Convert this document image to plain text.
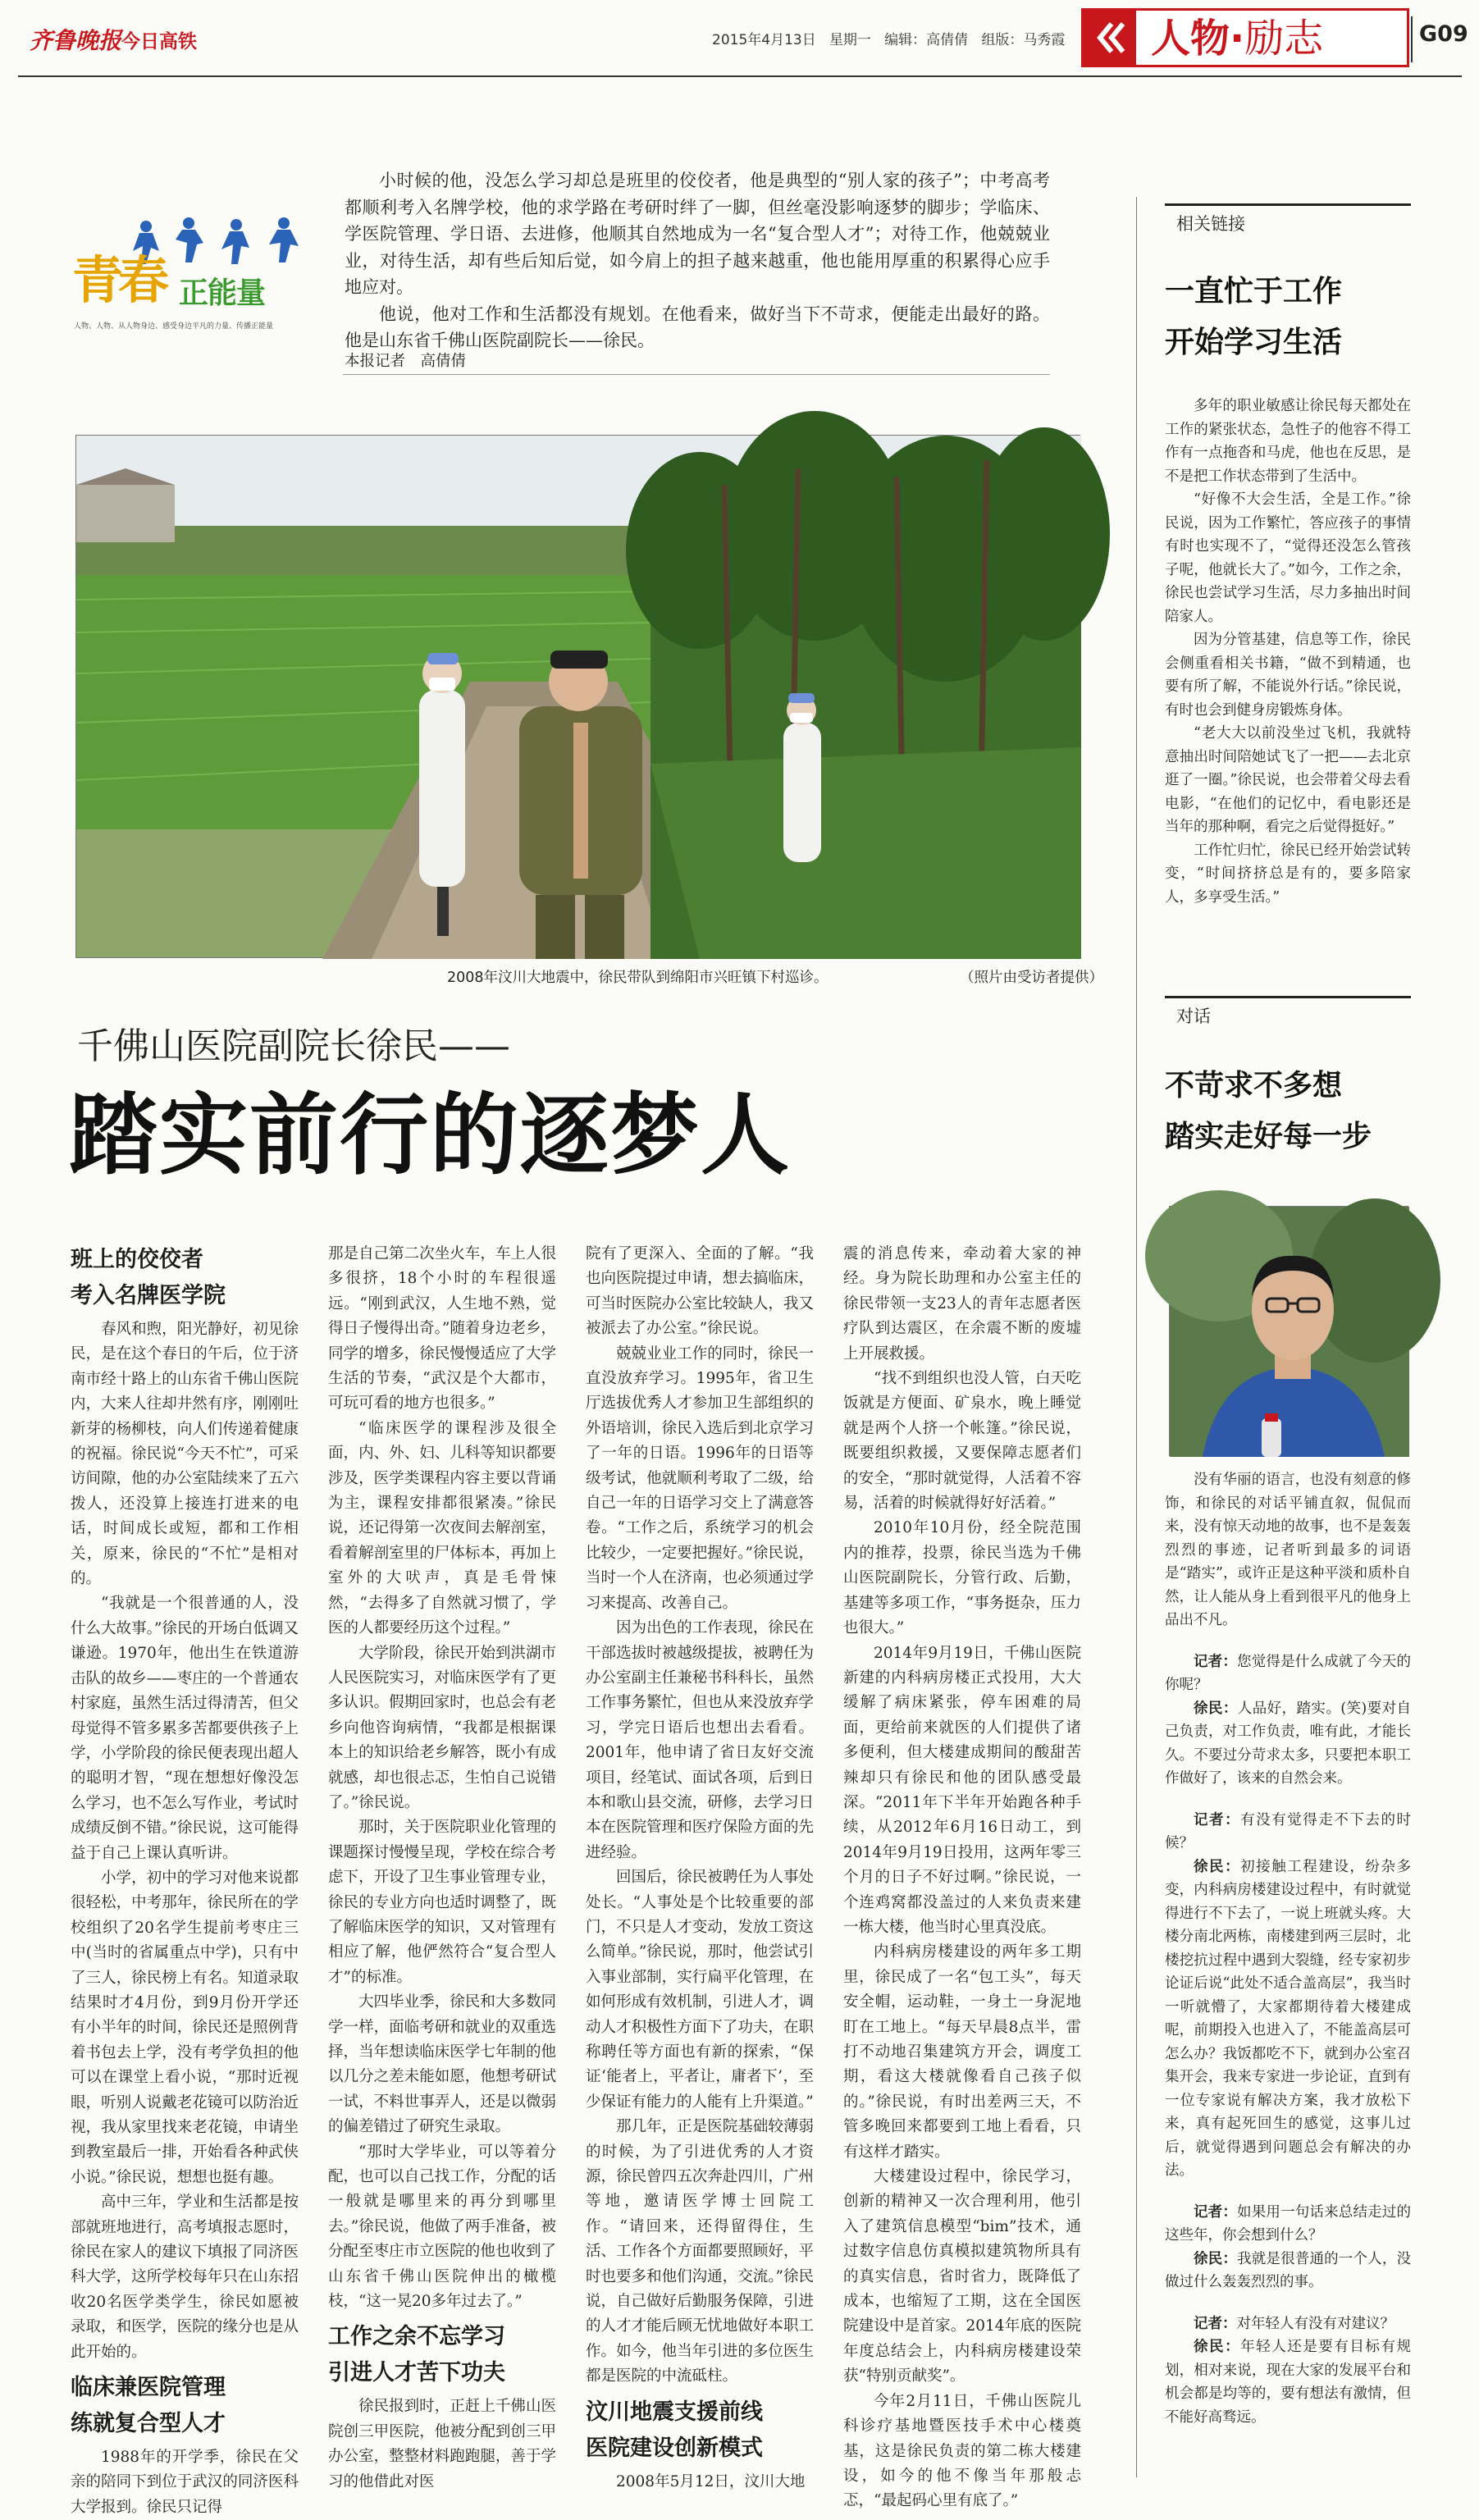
齐鲁晚报 今日高铁	2015年4月13日 星期一 编辑：高倩倩 组版：马秀霞 人物·励志	G09
青春 正能量
人物、人物、从人物身边、感受身边平凡的力量、传播正能量

小时候的他，没怎么学习却总是班里的佼佼者，他是典型的“别人家的孩子”；中考高考都顺利考入名牌学校，他的求学路在考研时绊了一脚，但丝毫没影响逐梦的脚步；学临床、学医院管理、学日语、去进修，他顺其自然地成为一名“复合型人才”；对待工作，他兢兢业业，对待生活，却有些后知后觉，如今肩上的担子越来越重，他也能用厚重的积累得心应手地应对。

他说，他对工作和生活都没有规划。在他看来，做好当下不苛求，便能走出最好的路。他是山东省千佛山医院副院长——徐民。

本报记者　高倩倩
2008年汶川大地震中，徐民带队到绵阳市兴旺镇下村巡诊。	（照片由受访者提供）
千佛山医院副院长徐民——
踏实前行的逐梦人
班上的佼佼者
考入名牌医学院

春风和煦，阳光静好，初见徐民，是在这个春日的午后，位于济南市经十路上的山东省千佛山医院内，大来人往却井然有序，刚刚吐新芽的杨柳枝，向人们传递着健康的祝福。徐民说“今天不忙”，可采访间隙，他的办公室陆续来了五六拨人，还没算上接连打进来的电话，时间成长或短，都和工作相关，原来，徐民的“不忙”是相对的。

“我就是一个很普通的人，没什么大故事。”徐民的开场白低调又谦逊。1970年，他出生在铁道游击队的故乡——枣庄的一个普通农村家庭，虽然生活过得清苦，但父母觉得不管多累多苦都要供孩子上学，小学阶段的徐民便表现出超人的聪明才智，“现在想想好像没怎么学习，也不怎么写作业，考试时成绩反倒不错。”徐民说，这可能得益于自己上课认真听讲。

小学，初中的学习对他来说都很轻松，中考那年，徐民所在的学校组织了20名学生提前考枣庄三中(当时的省属重点中学)，只有中了三人，徐民榜上有名。知道录取结果时才4月份，到9月份开学还有小半年的时间，徐民还是照例背着书包去上学，没有考学负担的他可以在课堂上看小说，“那时近视眼，听别人说戴老花镜可以防治近视，我从家里找来老花镜，申请坐到教室最后一排，开始看各种武侠小说。”徐民说，想想也挺有趣。

高中三年，学业和生活都是按部就班地进行，高考填报志愿时，徐民在家人的建议下填报了同济医科大学，这所学校每年只在山东招收20名医学类学生，徐民如愿被录取，和医学，医院的缘分也是从此开始的。

临床兼医院管理
练就复合型人才

1988年的开学季，徐民在父亲的陪同下到位于武汉的同济医科大学报到。徐民只记得

那是自己第二次坐火车，车上人很多很挤，18个小时的车程很遥远。“刚到武汉，人生地不熟，觉得日子慢得出奇。”随着身边老乡，同学的增多，徐民慢慢适应了大学生活的节奏，“武汉是个大都市，可玩可看的地方也很多。”

“临床医学的课程涉及很全面，内、外、妇、儿科等知识都要涉及，医学类课程内容主要以背诵为主，课程安排都很紧凑。”徐民说，还记得第一次夜间去解剖室，看着解剖室里的尸体标本，再加上室外的大吠声，真是毛骨悚然，“去得多了自然就习惯了，学医的人都要经历这个过程。”

大学阶段，徐民开始到洪湖市人民医院实习，对临床医学有了更多认识。假期回家时，也总会有老乡向他咨询病情，“我都是根据课本上的知识给老乡解答，既小有成就感，却也很忐忑，生怕自己说错了。”徐民说。

那时，关于医院职业化管理的课题探讨慢慢呈现，学校在综合考虑下，开设了卫生事业管理专业，徐民的专业方向也适时调整了，既了解临床医学的知识，又对管理有相应了解，他俨然符合“复合型人才”的标准。

大四毕业季，徐民和大多数同学一样，面临考研和就业的双重选择，当年想读临床医学七年制的他以几分之差未能如愿，他想考研试一试，不料世事弄人，还是以微弱的偏差错过了研究生录取。

“那时大学毕业，可以等着分配，也可以自己找工作，分配的话一般就是哪里来的再分到哪里去。”徐民说，他做了两手准备，被分配至枣庄市立医院的他也收到了山东省千佛山医院伸出的橄榄枝，“这一晃20多年过去了。”

工作之余不忘学习
引进人才苦下功夫

徐民报到时，正赶上千佛山医院创三甲医院，他被分配到创三甲办公室，整整材料跑跑腿，善于学习的他借此对医

院有了更深入、全面的了解。“我也向医院提过申请，想去搞临床，可当时医院办公室比较缺人，我又被派去了办公室。”徐民说。

兢兢业业工作的同时，徐民一直没放弃学习。1995年，省卫生厅选拔优秀人才参加卫生部组织的外语培训，徐民入选后到北京学习了一年的日语。1996年的日语等级考试，他就顺利考取了二级，给自己一年的日语学习交上了满意答卷。“工作之后，系统学习的机会比较少，一定要把握好。”徐民说，当时一个人在济南，也必须通过学习来提高、改善自己。

因为出色的工作表现，徐民在干部选拔时被越级提拔，被聘任为办公室副主任兼秘书科科长，虽然工作事务繁忙，但也从来没放弃学习，学完日语后也想出去看看。2001年，他申请了省日友好交流项目，经笔试、面试各项，后到日本和歌山县交流，研修，去学习日本在医院管理和医疗保险方面的先进经验。

回国后，徐民被聘任为人事处处长。“人事处是个比较重要的部门，不只是人才变动，发放工资这么简单。”徐民说，那时，他尝试引入事业部制，实行扁平化管理，在如何形成有效机制，引进人才，调动人才积极性方面下了功夫，在职称聘任等方面也有新的探索，“保证‘能者上，平者让，庸者下’，至少保证有能力的人能有上升渠道。”

那几年，正是医院基础较薄弱的时候，为了引进优秀的人才资源，徐民曾四五次奔赴四川，广州等地，邀请医学博士回院工作。“请回来，还得留得住，生活、工作各个方面都要照顾好，平时也要多和他们沟通，交流。”徐民说，自己做好后勤服务保障，引进的人才才能后顾无忧地做好本职工作。如今，他当年引进的多位医生都是医院的中流砥柱。

汶川地震支援前线
医院建设创新模式

2008年5月12日，汶川大地

震的消息传来，牵动着大家的神经。身为院长助理和办公室主任的徐民带领一支23人的青年志愿者医疗队到达震区，在余震不断的废墟上开展救援。

“找不到组织也没人管，白天吃饭就是方便面、矿泉水，晚上睡觉就是两个人挤一个帐篷。”徐民说，既要组织救援，又要保障志愿者们的安全，“那时就觉得，人活着不容易，活着的时候就得好好活着。”

2010年10月份，经全院范围内的推荐，投票，徐民当选为千佛山医院副院长，分管行政、后勤，基建等多项工作，“事务挺杂，压力也很大。”

2014年9月19日，千佛山医院新建的内科病房楼正式投用，大大缓解了病床紧张，停车困难的局面，更给前来就医的人们提供了诸多便利，但大楼建成期间的酸甜苦辣却只有徐民和他的团队感受最深。“2011年下半年开始跑各种手续，从2012年6月16日动工，到2014年9月19日投用，这两年零三个月的日子不好过啊。”徐民说，一个连鸡窝都没盖过的人来负责来建一栋大楼，他当时心里真没底。

内科病房楼建设的两年多工期里，徐民成了一名“包工头”，每天安全帽，运动鞋，一身土一身泥地盯在工地上。“每天早晨8点半，雷打不动地召集建筑方开会，调度工期，看这大楼就像看自己孩子似的。”徐民说，有时出差两三天，不管多晚回来都要到工地上看看，只有这样才踏实。

大楼建设过程中，徐民学习，创新的精神又一次合理利用，他引入了建筑信息模型“bim”技术，通过数字信息仿真模拟建筑物所具有的真实信息，省时省力，既降低了成本，也缩短了工期，这在全国医院建设中是首家。2014年底的医院年度总结会上，内科病房楼建设荣获“特别贡献奖”。

今年2月11日，千佛山医院儿科诊疗基地暨医技手术中心楼奠基，这是徐民负责的第二栋大楼建设，如今的他不像当年那般忐忑，“最起码心里有底了。”

相关链接
一直忙于工作
开始学习生活

多年的职业敏感让徐民每天都处在工作的紧张状态，急性子的他容不得工作有一点拖沓和马虎，他也在反思，是不是把工作状态带到了生活中。

“好像不大会生活，全是工作。”徐民说，因为工作繁忙，答应孩子的事情有时也实现不了，“觉得还没怎么管孩子呢，他就长大了。”如今，工作之余，徐民也尝试学习生活，尽力多抽出时间陪家人。

因为分管基建，信息等工作，徐民会侧重看相关书籍，“做不到精通，也要有所了解，不能说外行话。”徐民说，有时也会到健身房锻炼身体。

“老大大以前没坐过飞机，我就特意抽出时间陪她试飞了一把——去北京逛了一圈。”徐民说，也会带着父母去看电影，“在他们的记忆中，看电影还是当年的那种啊，看完之后觉得挺好。”

工作忙归忙，徐民已经开始尝试转变，“时间挤挤总是有的，要多陪家人，多享受生活。”

对话
不苛求不多想
踏实走好每一步

没有华丽的语言，也没有刻意的修饰，和徐民的对话平铺直叙，侃侃而来，没有惊天动地的故事，也不是轰轰烈烈的事迹，记者听到最多的词语是“踏实”，或许正是这种平淡和质朴自然，让人能从身上看到很平凡的他身上品出不凡。

记者：您觉得是什么成就了今天的你呢？

徐民：人品好，踏实。(笑)要对自己负责，对工作负责，唯有此，才能长久。不要过分苛求太多，只要把本职工作做好了，该来的自然会来。

记者：有没有觉得走不下去的时候？

徐民：初接触工程建设，纷杂多变，内科病房楼建设过程中，有时就觉得进行不下去了，一说上班就头疼。大楼分南北两栋，南楼建到两三层时，北楼挖抗过程中遇到大裂缝，经专家初步论证后说“此处不适合盖高层”，我当时一听就懵了，大家都期待着大楼建成呢，前期投入也进入了，不能盖高层可怎么办？我饭都吃不下，就到办公室召集开会，我来专家进一步论证，直到有一位专家说有解决方案，我才放松下来，真有起死回生的感觉，这事儿过后，就觉得遇到问题总会有解决的办法。

记者：如果用一句话来总结走过的这些年，你会想到什么？

徐民：我就是很普通的一个人，没做过什么轰轰烈烈的事。

记者：对年轻人有没有对建议？

徐民：年轻人还是要有目标有规划，相对来说，现在大家的发展平台和机会都是均等的，要有想法有激情，但不能好高骛远。
